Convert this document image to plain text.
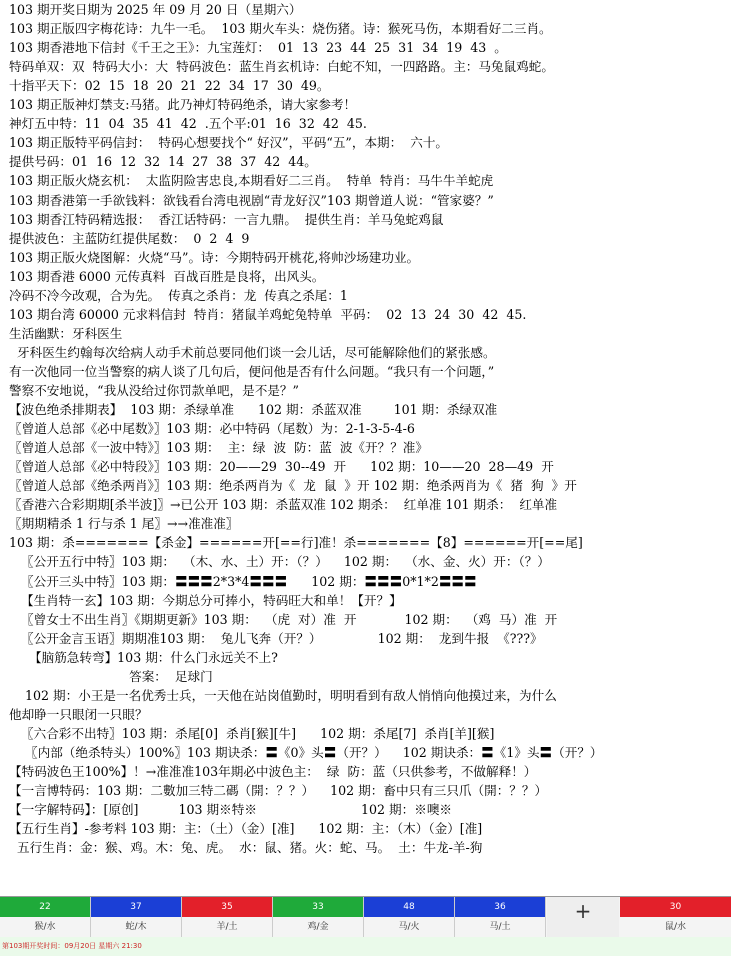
103 期开奖日期为 2025 年 09 月 20 日（星期六）
103 期正版四字梅花诗：九牛一毛。  103 期火车头：烧伤猪。诗：猴死马伤，本期看好二三肖。
103 期香港地下信封《千王之王》：九宝莲灯：  01  13  23  44  25  31  34  19  43  。
特码单双：双  特码大小：大  特码波色：蓝生肖玄机诗：白蛇不知，一四路路。主：马兔鼠鸡蛇。
十指平天下：02  15  18  20  21  22  34  17  30  49。
103 期正版神灯禁支:马猪。此乃神灯特码绝杀，请大家参考！
神灯五中特：11  04  35  41  42  .五个平:01  16  32  42  45.
103 期正版特平码信封：  特码心想要找个“ 好汉”，平码“五”，本期：  六十。
提供号码：01  16  12  32  14  27  38  37  42  44。
103 期正版火烧玄机：  太监阴险害忠良,本期看好二三肖。  特单  特肖：马牛牛羊蛇虎
103 期香港第一手欲钱料：欲钱看台湾电视剧“青龙好汉”103 期曾道人说：“管家婆？”
103 期香江特码精选报：  香江话特码：一言九鼎。  提供生肖：羊马兔蛇鸡鼠
提供波色：主蓝防红提供尾数：  0  2  4  9
103 期正版火烧图解：火烧“马”。诗：今期特码开桃花,将帅沙场建功业。
103 期香港 6000 元传真料  百战百胜是良将，出风头。
冷码不冷今改观，合为先。  传真之杀肖：龙  传真之杀尾：1
103 期台湾 60000 元求料信封  特肖：猪鼠羊鸡蛇兔特单  平码：  02  13  24  30  42  45.
生活幽默：牙科医生
牙科医生约翰每次给病人动手术前总要同他们谈一会儿话，尽可能解除他们的紧张感。
有一次他同一位当警察的病人谈了几句后，便问他是否有什么问题。“我只有一个问题，”
警察不安地说，“我从没给过你罚款单吧，是不是？”
【波色绝杀排期表】  103 期：杀绿单准      102 期：杀蓝双准        101 期：杀绿双准
〖曾道人总部《必中尾数》〗103 期：必中特码（尾数）为：2-1-3-5-4-6
〖曾道人总部《一波中特》〗103 期：  主：绿  波  防：蓝  波《开？？准》
〖曾道人总部《必中特段》〗103 期：20——29  30--49  开      102 期：10——20  28—49  开
〖曾道人总部《绝杀两肖》〗103 期：绝杀两肖为《  龙  鼠  》开 102 期：绝杀两肖为《  猪  狗  》开
〖香港六合彩期期[杀半波]〗→已公开 103 期：杀蓝双准 102 期杀：  红单准 101 期杀：  红单准
〖期期精杀 1 行与杀 1 尾〗→→准准准〗
103 期：杀=======【杀金】======开[==行]准！杀=======【8】======开[==尾]
〖公开五行中特〗103 期：  （木、水、土）开：（？）    102 期：  （水、金、火）开：（？）
〖公开三头中特〗103 期：〓〓〓2*3*4〓〓〓      102 期：〓〓〓0*1*2〓〓〓
【生肖特一玄】103 期：今期总分可捧小，特码旺大和单！【开？】
〖曾女士不出生肖〗《期期更新》103 期：  （虎  对）准  开            102 期：  （鸡  马）准  开
〖公开金言玉语〗期期准103 期：  兔儿飞奔（开？）              102 期：  龙到牛报  《???》
【脑筋急转弯】103 期：什么门永远关不上?
答案：  足球门
102 期：小王是一名优秀士兵，一天他在站岗值勤时，明明看到有敌人悄悄向他摸过来，为什么
他却睁一只眼闭一只眼？
〖六合彩不出特〗103 期：杀尾[0]  杀肖[猴][牛]      102 期：杀尾[7]  杀肖[羊][猴]
〖内部（绝杀特头）100%〗103 期诀杀：〓《0》头〓（开？）    102 期诀杀：〓《1》头〓（开？）
【特码波色王100%】！→准准准103年期必中波色主：  绿  防：蓝（只供参考，不做解释！）
【一言博特码：103 期：二數加三特二碼（開：？？）    102 期：畜中只有三只爪（開：？？）
【一字解特码】：[原创]          103 期※特※                          102 期：※噢※
【五行生肖】-参考料 103 期：主：（土）（金）[准]      102 期：主：（木）（金）[准]
五行生肖：金：猴、鸡。木：兔、虎。  水：鼠、猪。火：蛇、马。  土：牛龙-羊-狗
+
22
猴/水
37
蛇/木
35
羊/土
33
鸡/金
48
马/火
36
马/土
30
鼠/水
第103期开奖时间：09月20日 星期六 21:30
